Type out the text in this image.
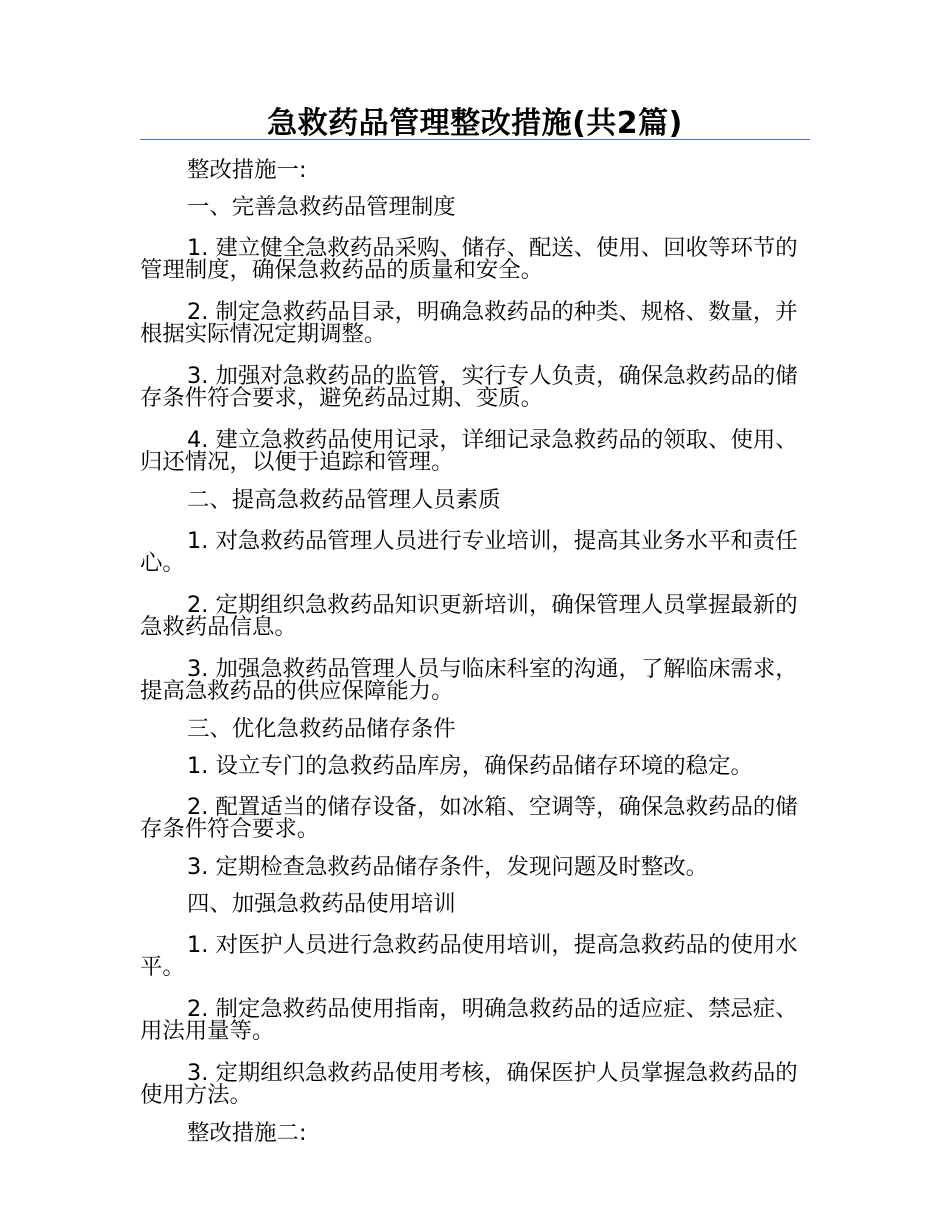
急救药品管理整改措施(共2篇)

整改措施一:

一、完善急救药品管理制度

1. 建立健全急救药品采购、储存、配送、使用、回收等环节的管理制度，确保急救药品的质量和安全。

2. 制定急救药品目录，明确急救药品的种类、规格、数量，并根据实际情况定期调整。

3. 加强对急救药品的监管，实行专人负责，确保急救药品的储存条件符合要求，避免药品过期、变质。

4. 建立急救药品使用记录，详细记录急救药品的领取、使用、归还情况，以便于追踪和管理。

二、提高急救药品管理人员素质

1. 对急救药品管理人员进行专业培训，提高其业务水平和责任心。

2. 定期组织急救药品知识更新培训，确保管理人员掌握最新的急救药品信息。

3. 加强急救药品管理人员与临床科室的沟通，了解临床需求，提高急救药品的供应保障能力。

三、优化急救药品储存条件

1. 设立专门的急救药品库房，确保药品储存环境的稳定。

2. 配置适当的储存设备，如冰箱、空调等，确保急救药品的储存条件符合要求。

3. 定期检查急救药品储存条件，发现问题及时整改。

四、加强急救药品使用培训

1. 对医护人员进行急救药品使用培训，提高急救药品的使用水平。

2. 制定急救药品使用指南，明确急救药品的适应症、禁忌症、用法用量等。

3. 定期组织急救药品使用考核，确保医护人员掌握急救药品的使用方法。

整改措施二:
